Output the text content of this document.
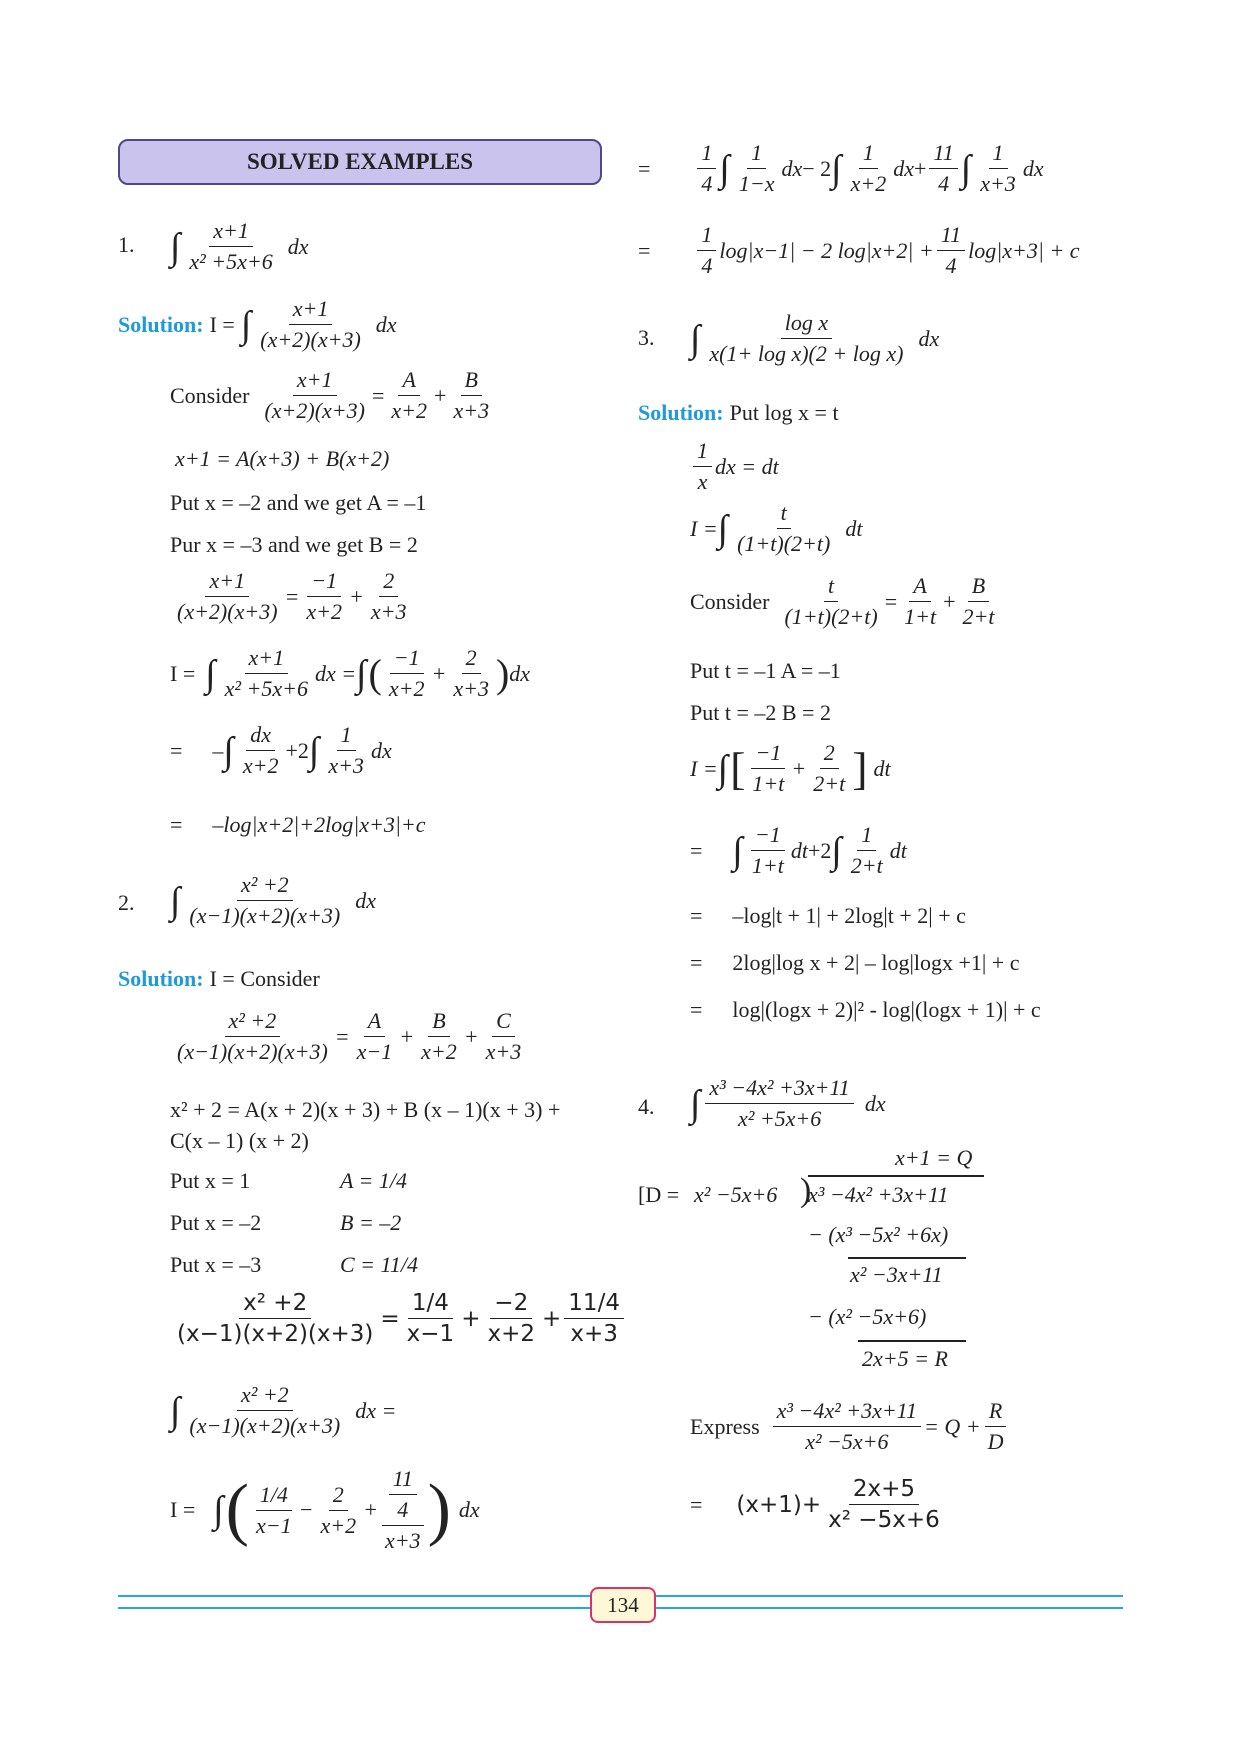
SOLVED EXAMPLES
1. ∫ $\frac{x+1}{\text{x² +5x+6}}$ dx
Solution: I = ∫ $\frac{x+1}{(x+2)(x+3)}$ dx
Consider $\frac{x+1}{(x+2)(x+3)} = \frac{A}{x+2} + \frac{B}{x+3}$
x+1 = A(x+3) + B(x+2)
Put x = –2 and we get A = –1
Pur x = –3 and we get B = 2
$\frac{x+1}{(x+2)(x+3)} = \frac{-1}{x+2} + \frac{2}{x+3}$
I = ∫ $\frac{x+1}{\text{x² +5x+6}}$ dx = ∫ ( $\frac{-1}{x+2} + \frac{2}{x+3}$ ) dx
= – ∫ $\frac{dx}{x+2} +2$ ∫ $\frac{1}{x+3}$ dx
= –log|x+2|+2log|x+3|+c
2. ∫ $\frac{\text{x² +2}}{(x-1)(x+2)(x+3)}$ dx
Solution: I = Consider
$\frac{\text{x² +2}}{(x-1)(x+2)(x+3)} = \frac{A}{x-1} + \frac{B}{x+2} + \frac{C}{x+3}$
x² + 2 = A(x + 2)(x + 3) + B (x – 1)(x + 3) +
C(x – 1) (x + 2)
Put x = 1	A = 1/4
Put x = –2	B = –2
Put x = –3	C = 11/4
$\frac{\text{x² +2}}{(x-1)(x+2)(x+3)} = \frac{1/4}{x-1} + \frac{-2}{x+2} + \frac{11/4}{x+3}$
∫ $\frac{\text{x² +2}}{(x-1)(x+2)(x+3)}$ dx =
I = ∫ ( $\frac{1/4}{x-1} - \frac{2}{x+2} + \frac{\frac{11}{4}}{x+3}$ ) dx
= $\frac{1}{4}$ ∫ $\frac{1}{1-x}$ dx − 2 ∫ $\frac{1}{x+2}$ dx + $\frac{11}{4}$ ∫ $\frac{1}{x+3}$ dx
= $\frac{1}{4} \log|x-1| - 2$ $\log|x+2| + \frac{11}{4} \log|x+3| + c$
3. ∫ $\frac{\text{log x}}{\text{x(1+ log x)(2 + log x)}}$ dx
Solution: Put log x = t
$\frac{1}{x}$ dx = dt
I = ∫ $\frac{t}{(1+t)(2+t)}$ dt
Consider $\frac{t}{(1+t)(2+t)} = \frac{A}{1+t} + \frac{B}{2+t}$
Put t = –1 A = –1
Put t = –2 B = 2
I = ∫ [ $\frac{-1}{1+t} + \frac{2}{2+t}$ ] dt
= ∫ $\frac{-1}{1+t}$ dt +2 ∫ $\frac{1}{2+t}$ dt
= –log|t + 1| + 2log|t + 2| + c
= 2log|log x + 2| – log|logx +1| + c
= log|(logx + 2)|² - log|(logx + 1)| + c
4. ∫ $\frac{\text{x³ −4x² +3x+11}}{\text{x² +5x+6}}$ dx
x+1 = Q
[D = x² −5x+6 )
x³ −4x² +3x+11
− (x³ −5x² +6x)
x² −3x+11
− (x² −5x+6)
2x+5 = R
Express $\frac{\text{x³ −4x² +3x+11}}{\text{x² −5x+6}} = Q + \frac{R}{D}$
= $(x+1)+ \frac{2x+5}{\text{x² −5x+6}}$
134
